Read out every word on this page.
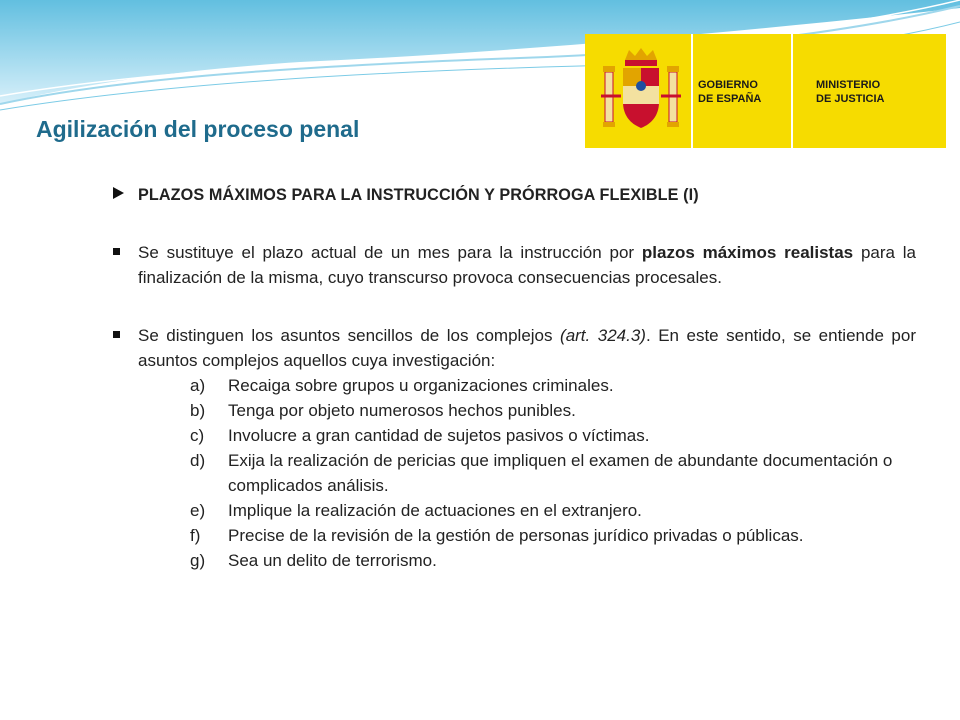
Agilización del proceso penal
GOBIERNO
DE ESPAÑA
MINISTERIO
DE JUSTICIA
PLAZOS MÁXIMOS PARA LA INSTRUCCIÓN Y PRÓRROGA FLEXIBLE (I)
Se sustituye el plazo actual de un mes para la instrucción por plazos máximos realistas para la finalización de la misma, cuyo transcurso provoca consecuencias procesales.
Se distinguen los asuntos sencillos de los complejos (art. 324.3). En este sentido, se entiende por asuntos complejos aquellos cuya investigación:
a) Recaiga sobre grupos u organizaciones criminales.
b) Tenga por objeto numerosos hechos punibles.
c) Involucre a gran cantidad de sujetos pasivos o víctimas.
d) Exija la realización de pericias que impliquen el examen de abundante documentación o complicados análisis.
e) Implique la realización de actuaciones en el extranjero.
f) Precise de la revisión de la gestión de personas jurídico privadas o públicas.
g) Sea un delito de terrorismo.
